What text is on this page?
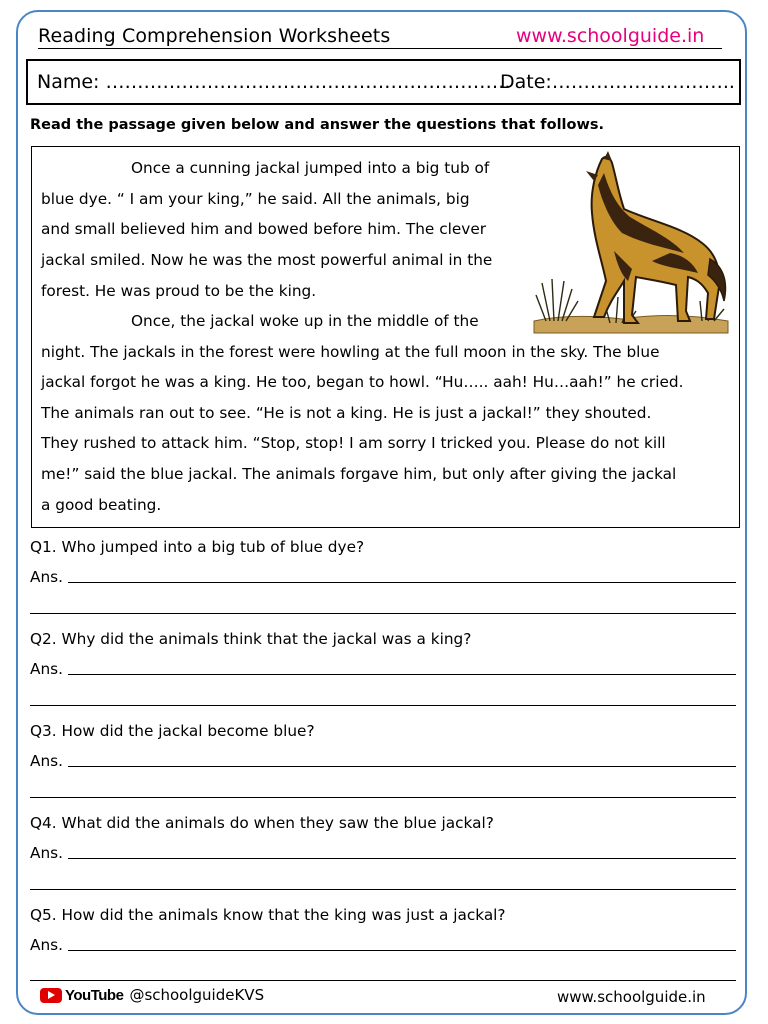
Reading Comprehension Worksheets	www.schoolguide.in
Name: ……………………………………………………….
Date:………………………..
Read the passage given below and answer the questions that follows.
Once a cunning jackal jumped into a big tub of
blue dye. “ I am your king,” he said. All the animals, big
and small believed him and bowed before him. The clever
jackal smiled. Now he was the most powerful animal in the
forest. He was proud to be the king.
Once, the jackal woke up in the middle of the
night. The jackals in the forest were howling at the full moon in the sky. The blue
jackal forgot he was a king. He too, began to howl. “Hu….. aah! Hu…aah!” he cried.
The animals ran out to see. “He is not a king. He is just a jackal!” they shouted.
They rushed to attack him. “Stop, stop! I am sorry I tricked you. Please do not kill
me!” said the blue jackal. The animals forgave him, but only after giving the jackal
a good beating.
Q1. Who jumped into a big tub of blue dye?
Ans.
Q2. Why did the animals think that the jackal was a king?
Ans.
Q3. How did the jackal become blue?
Ans.
Q4. What did the animals do when they saw the blue jackal?
Ans.
Q5. How did the animals know that the king was just a jackal?
Ans.
YouTube @schoolguideKVS	www.schoolguide.in
